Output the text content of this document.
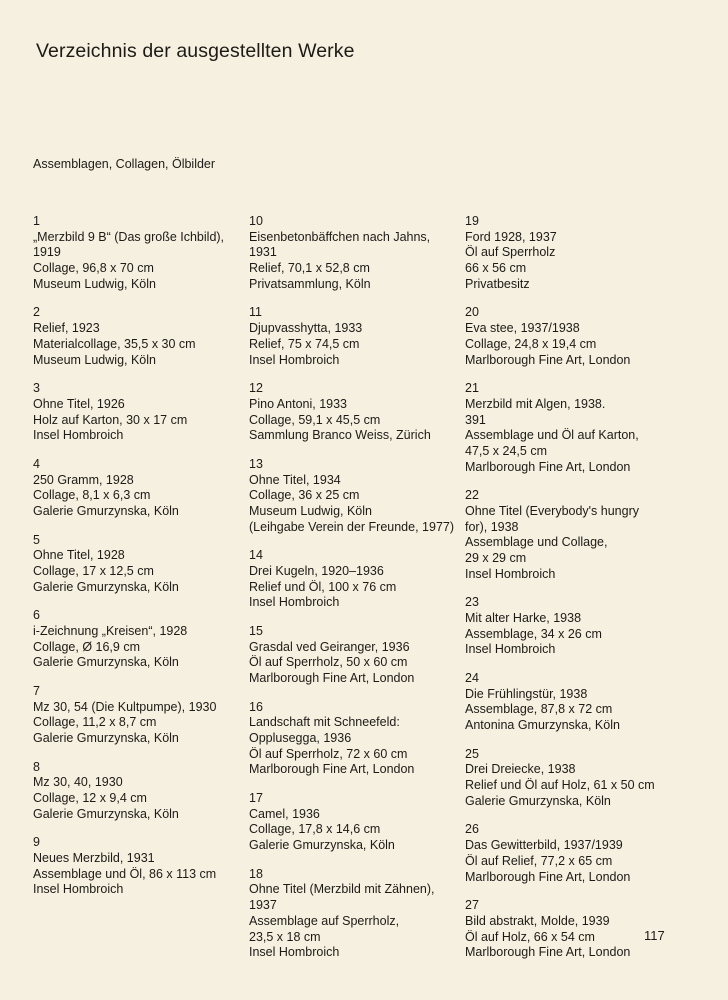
Verzeichnis der ausgestellten Werke
Assemblagen, Collagen, Ölbilder
1
„Merzbild 9 B“ (Das große Ichbild),
1919
Collage, 96,8 x 70 cm
Museum Ludwig, Köln
2
Relief, 1923
Materialcollage, 35,5 x 30 cm
Museum Ludwig, Köln
3
Ohne Titel, 1926
Holz auf Karton, 30 x 17 cm
Insel Hombroich
4
250 Gramm, 1928
Collage, 8,1 x 6,3 cm
Galerie Gmurzynska, Köln
5
Ohne Titel, 1928
Collage, 17 x 12,5 cm
Galerie Gmurzynska, Köln
6
i-Zeichnung „Kreisen“, 1928
Collage, Ø 16,9 cm
Galerie Gmurzynska, Köln
7
Mz 30, 54 (Die Kultpumpe), 1930
Collage, 11,2 x 8,7 cm
Galerie Gmurzynska, Köln
8
Mz 30, 40, 1930
Collage, 12 x 9,4 cm
Galerie Gmurzynska, Köln
9
Neues Merzbild, 1931
Assemblage und Öl, 86 x 113 cm
Insel Hombroich
10
Eisenbetonbäffchen nach Jahns,
1931
Relief, 70,1 x 52,8 cm
Privatsammlung, Köln
11
Djupvasshytta, 1933
Relief, 75 x 74,5 cm
Insel Hombroich
12
Pino Antoni, 1933
Collage, 59,1 x 45,5 cm
Sammlung Branco Weiss, Zürich
13
Ohne Titel, 1934
Collage, 36 x 25 cm
Museum Ludwig, Köln
(Leihgabe Verein der Freunde, 1977)
14
Drei Kugeln, 1920–1936
Relief und Öl, 100 x 76 cm
Insel Hombroich
15
Grasdal ved Geiranger, 1936
Öl auf Sperrholz, 50 x 60 cm
Marlborough Fine Art, London
16
Landschaft mit Schneefeld:
Opplusegga, 1936
Öl auf Sperrholz, 72 x 60 cm
Marlborough Fine Art, London
17
Camel, 1936
Collage, 17,8 x 14,6 cm
Galerie Gmurzynska, Köln
18
Ohne Titel (Merzbild mit Zähnen),
1937
Assemblage auf Sperrholz,
23,5 x 18 cm
Insel Hombroich
19
Ford 1928, 1937
Öl auf Sperrholz
66 x 56 cm
Privatbesitz
20
Eva stee, 1937/1938
Collage, 24,8 x 19,4 cm
Marlborough Fine Art, London
21
Merzbild mit Algen, 1938.
391
Assemblage und Öl auf Karton,
47,5 x 24,5 cm
Marlborough Fine Art, London
22
Ohne Titel (Everybody's hungry
for), 1938
Assemblage und Collage,
29 x 29 cm
Insel Hombroich
23
Mit alter Harke, 1938
Assemblage, 34 x 26 cm
Insel Hombroich
24
Die Frühlingstür, 1938
Assemblage, 87,8 x 72 cm
Antonina Gmurzynska, Köln
25
Drei Dreiecke, 1938
Relief und Öl auf Holz, 61 x 50 cm
Galerie Gmurzynska, Köln
26
Das Gewitterbild, 1937/1939
Öl auf Relief, 77,2 x 65 cm
Marlborough Fine Art, London
27
Bild abstrakt, Molde, 1939
Öl auf Holz, 66 x 54 cm
Marlborough Fine Art, London
117
